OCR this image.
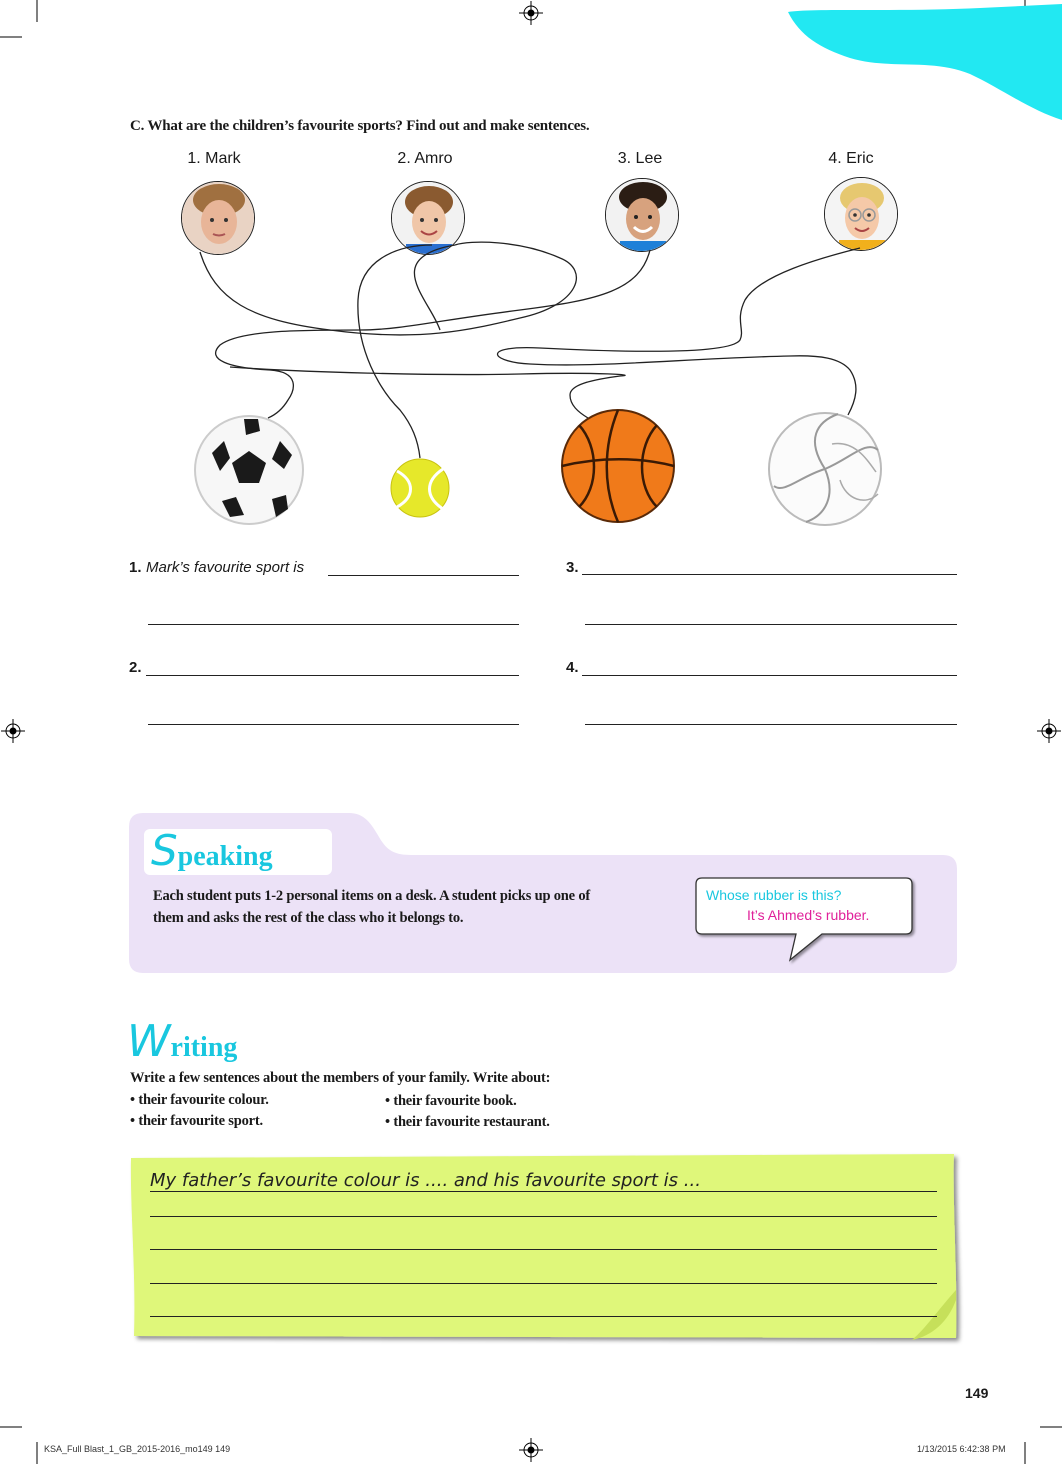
C. What are the children’s favourite sports? Find out and make sentences.
1. Mark	2. Amro	3. Lee	4. Eric
1. Mark’s favourite sport is
2.
3.
4.
Speaking
Each student puts 1-2 personal items on a desk. A student picks up one of
them and asks the rest of the class who it belongs to.
Whose rubber is this?
It’s Ahmed’s rubber.
Writing
Write a few sentences about the members of your family. Write about:
• their favourite colour.
• their favourite sport.
• their favourite book.
• their favourite restaurant.
My father’s favourite colour is .... and his favourite sport is ...
149
KSA_Full Blast_1_GB_2015-2016_mo149 149	1/13/2015 6:42:38 PM
